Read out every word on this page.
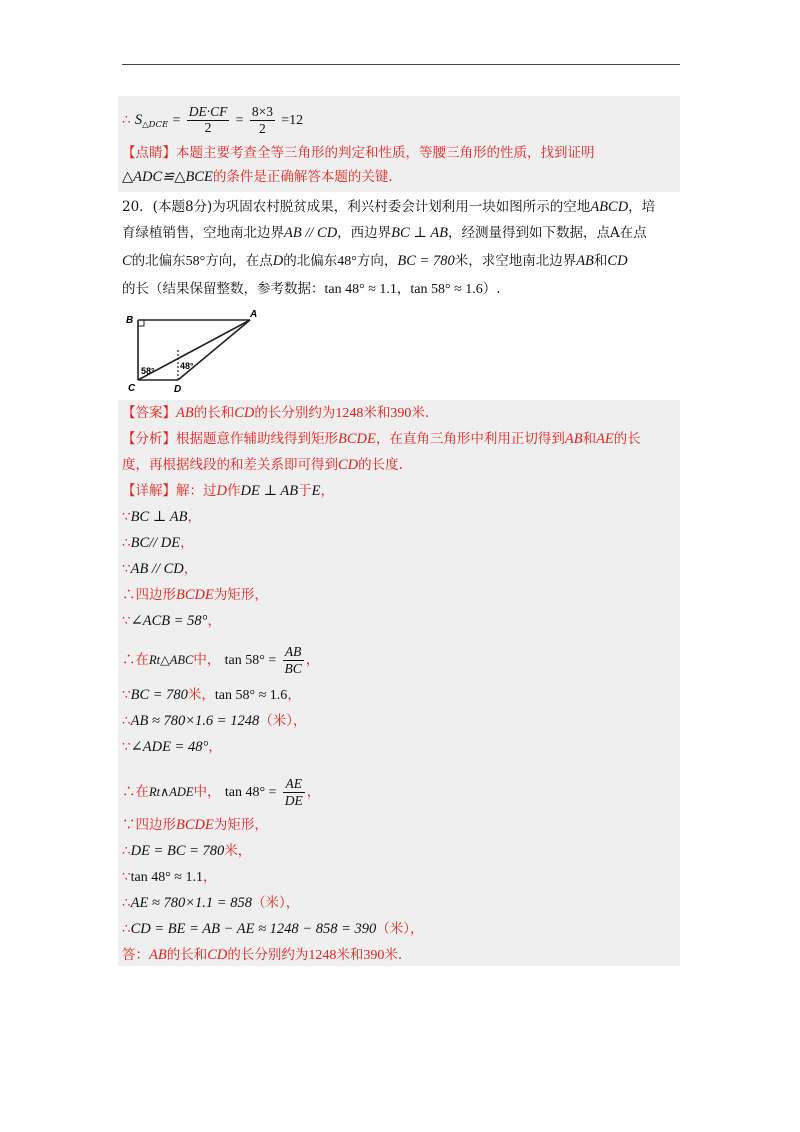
∴ $S_{\triangle DCE} = \frac{DE\cdot CF}{2} = \frac{8\times 3}{2} =12$
【点睛】本题主要考查全等三角形的判定和性质，等腰三角形的性质，找到证明
△ADC≌△BCE的条件是正确解答本题的关键.
20．(本题8分)为巩固农村脱贫成果，利兴村委会计划利用一块如图所示的空地ABCD，培
育绿植销售，空地南北边界AB // CD，西边界BC ⊥ AB，经测量得到如下数据，点A在点
C的北偏东58°方向，在点D的北偏东48°方向，BC = 780米，求空地南北边界AB和CD
的长（结果保留整数，参考数据：tan 48° ≈ 1.1，tan 58° ≈ 1.6）.
B
A
C	D
58°	48°
【答案】AB的长和CD的长分别约为1248米和390米.
【分析】根据题意作辅助线得到矩形BCDE，在直角三角形中利用正切得到AB和AE的长
度，再根据线段的和差关系即可得到CD的长度.
【详解】解：过D作DE ⊥ AB于E，
∵BC ⊥ AB，
∴BC// DE，
∵AB // CD，
∴四边形BCDE为矩形，
∵∠ACB = 58°，
∴在Rt△ABC中， $\tan 58^\circ = \frac{AB}{BC}$ ，
∵BC = 780米，tan 58° ≈ 1.6，
∴AB ≈ 780×1.6 = 1248（米），
∵∠ADE = 48°，
∴在Rt∧ADE中， $\tan 48^\circ = \frac{AE}{DE}$ ，
∵四边形BCDE为矩形，
∴DE = BC = 780米，
∵tan 48° ≈ 1.1，
∴AE ≈ 780×1.1 = 858（米），
∴CD = BE = AB − AE ≈ 1248 − 858 = 390（米），
答：AB的长和CD的长分别约为1248米和390米.
